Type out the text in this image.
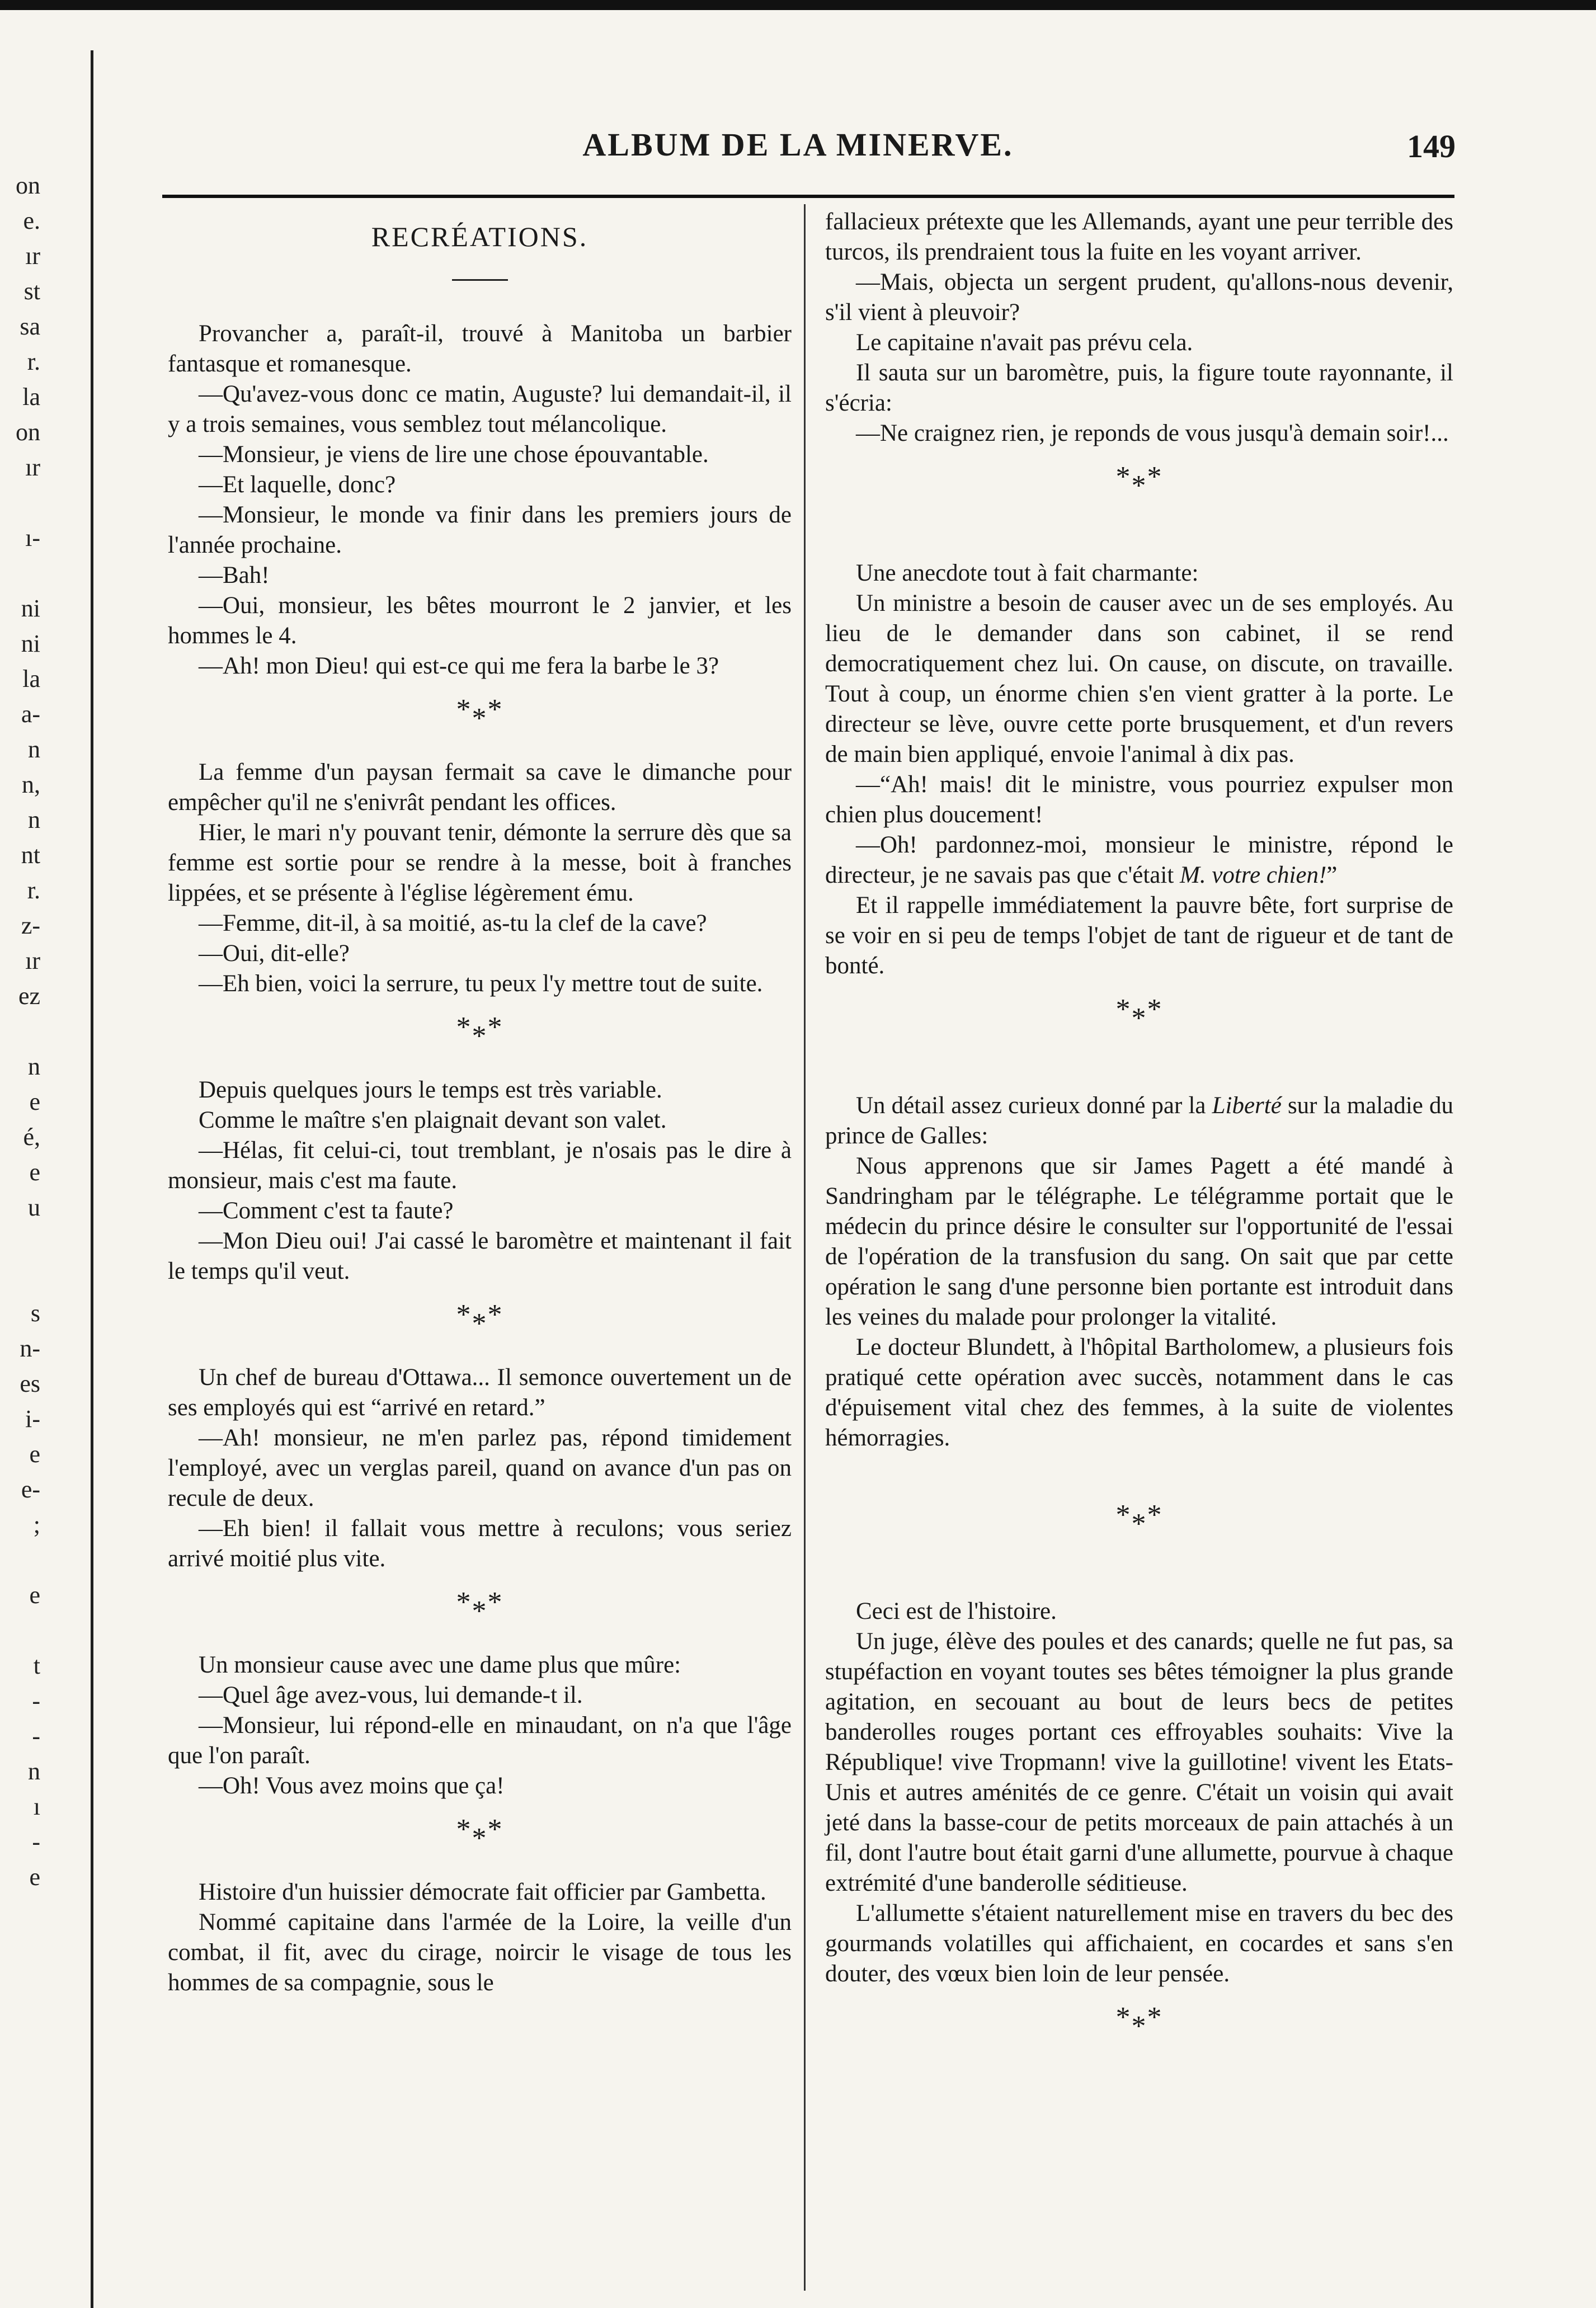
on
e.
ır
st
sa
r.
la
on
ır
ı-
ni
ni
la
a-
n
n,
n
nt
r.
z-
ır
ez
n
e
é,
e
u
s
n-
es
i-
e
e-
;
e
t
-
-
n
ı
-
e
ALBUM DE LA MINERVE.	149
RECRÉATIONS.

Provancher a, paraît-il, trouvé à Manitoba un barbier fantasque et romanesque.

—Qu'avez-vous donc ce matin, Auguste? lui demandait-il, il y a trois semaines, vous semblez tout mélancolique.

—Monsieur, je viens de lire une chose épouvantable.

—Et laquelle, donc?

—Monsieur, le monde va finir dans les premiers jours de l'année prochaine.

—Bah!

—Oui, monsieur, les bêtes mourront le 2 janvier, et les hommes le 4.

—Ah! mon Dieu! qui est-ce qui me fera la barbe le 3?

$*_**$

La femme d'un paysan fermait sa cave le dimanche pour empêcher qu'il ne s'enivrât pendant les offices.

Hier, le mari n'y pouvant tenir, démonte la serrure dès que sa femme est sortie pour se rendre à la messe, boit à franches lippées, et se présente à l'église légèrement ému.

—Femme, dit-il, à sa moitié, as-tu la clef de la cave?

—Oui, dit-elle?

—Eh bien, voici la serrure, tu peux l'y mettre tout de suite.

$*_**$

Depuis quelques jours le temps est très variable.

Comme le maître s'en plaignait devant son valet.

—Hélas, fit celui-ci, tout tremblant, je n'osais pas le dire à monsieur, mais c'est ma faute.

—Comment c'est ta faute?

—Mon Dieu oui! J'ai cassé le baromètre et maintenant il fait le temps qu'il veut.

$*_**$

Un chef de bureau d'Ottawa... Il semonce ouvertement un de ses employés qui est “arrivé en retard.”

—Ah! monsieur, ne m'en parlez pas, répond timidement l'employé, avec un verglas pareil, quand on avance d'un pas on recule de deux.

—Eh bien! il fallait vous mettre à reculons; vous seriez arrivé moitié plus vite.

$*_**$

Un monsieur cause avec une dame plus que mûre:

—Quel âge avez-vous, lui demande-t il.

—Monsieur, lui répond-elle en minaudant, on n'a que l'âge que l'on paraît.

—Oh! Vous avez moins que ça!

$*_**$

Histoire d'un huissier démocrate fait officier par Gambetta.

Nommé capitaine dans l'armée de la Loire, la veille d'un combat, il fit, avec du cirage, noircir le visage de tous les hommes de sa compagnie, sous le

fallacieux prétexte que les Allemands, ayant une peur terrible des turcos, ils prendraient tous la fuite en les voyant arriver.

—Mais, objecta un sergent prudent, qu'allons-nous devenir, s'il vient à pleuvoir?

Le capitaine n'avait pas prévu cela.

Il sauta sur un baromètre, puis, la figure toute rayonnante, il s'écria:

—Ne craignez rien, je reponds de vous jusqu'à demain soir!...

$*_**$

Une anecdote tout à fait charmante:

Un ministre a besoin de causer avec un de ses employés. Au lieu de le demander dans son cabinet, il se rend democratiquement chez lui. On cause, on discute, on travaille. Tout à coup, un énorme chien s'en vient gratter à la porte. Le directeur se lève, ouvre cette porte brusquement, et d'un revers de main bien appliqué, envoie l'animal à dix pas.

—“Ah! mais! dit le ministre, vous pourriez expulser mon chien plus doucement!

—Oh! pardonnez-moi, monsieur le ministre, répond le directeur, je ne savais pas que c'était M. votre chien!”

Et il rappelle immédiatement la pauvre bête, fort surprise de se voir en si peu de temps l'objet de tant de rigueur et de tant de bonté.

$*_**$

Un détail assez curieux donné par la Liberté sur la maladie du prince de Galles:

Nous apprenons que sir James Pagett a été mandé à Sandringham par le télégraphe. Le télégramme portait que le médecin du prince désire le consulter sur l'opportunité de l'essai de l'opération de la transfusion du sang. On sait que par cette opération le sang d'une personne bien portante est introduit dans les veines du malade pour prolonger la vitalité.

Le docteur Blundett, à l'hôpital Bartholomew, a plusieurs fois pratiqué cette opération avec succès, notamment dans le cas d'épuisement vital chez des femmes, à la suite de violentes hémorragies.

$*_**$

Ceci est de l'histoire.

Un juge, élève des poules et des canards; quelle ne fut pas, sa stupéfaction en voyant toutes ses bêtes témoigner la plus grande agitation, en secouant au bout de leurs becs de petites banderolles rouges portant ces effroyables souhaits: Vive la République! vive Tropmann! vive la guillotine! vivent les Etats-Unis et autres aménités de ce genre. C'était un voisin qui avait jeté dans la basse-cour de petits morceaux de pain attachés à un fil, dont l'autre bout était garni d'une allumette, pourvue à chaque extrémité d'une banderolle séditieuse.

L'allumette s'étaient naturellement mise en travers du bec des gourmands volatilles qui affichaient, en cocardes et sans s'en douter, des vœux bien loin de leur pensée.

$*_**$
